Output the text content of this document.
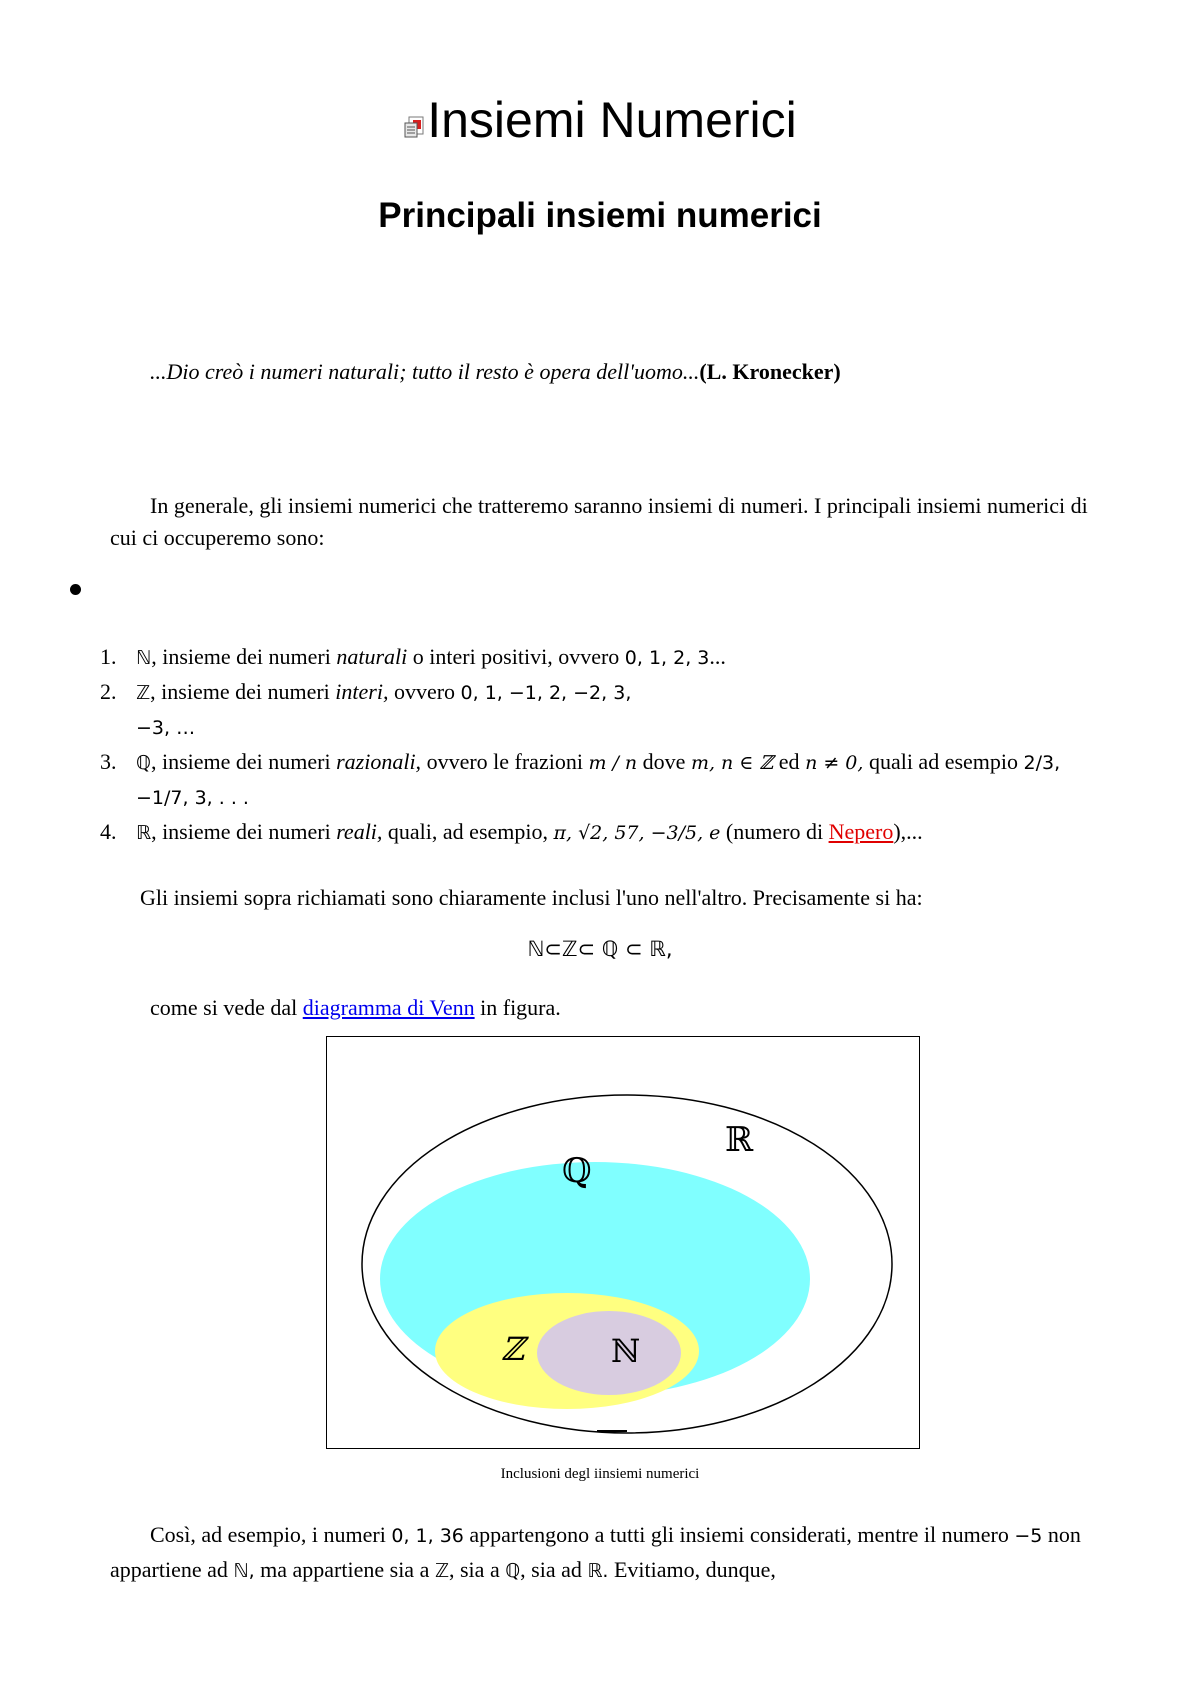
Insiemi Numerici
Principali insiemi numerici
...Dio creò i numeri naturali; tutto il resto è opera dell'uomo...(L. Kronecker)
In generale, gli insiemi numerici che tratteremo saranno insiemi di numeri. I principali insiemi numerici di cui ci occuperemo sono:

1. ℕ, insieme dei numeri naturali o interi positivi, ovvero 0, 1, 2, 3...

2. ℤ, insieme dei numeri interi, ovvero 0, 1, −1, 2, −2, 3,
−3, …

3. ℚ, insieme dei numeri razionali, ovvero le frazioni m / n dove m, n ∈ ℤ ed n ≠ 0, quali ad esempio 2/3, −1/7, 3, . . .

4. ℝ, insieme dei numeri reali, quali, ad esempio, π, √2, 57, −3/5, e (numero di Nepero),...

Gli insiemi sopra richiamati sono chiaramente inclusi l'uno nell'altro. Precisamente si ha:
ℕ⊂ℤ⊂ ℚ ⊂ ℝ,
come si vede dal diagramma di Venn in figura.
ℝ
ℚ
ℤ	ℕ
Inclusioni degl iinsiemi numerici
Così, ad esempio, i numeri 0, 1, 36 appartengono a tutti gli insiemi considerati, mentre il numero −5 non appartiene ad ℕ, ma appartiene sia a ℤ, sia a ℚ, sia ad ℝ. Evitiamo, dunque,
